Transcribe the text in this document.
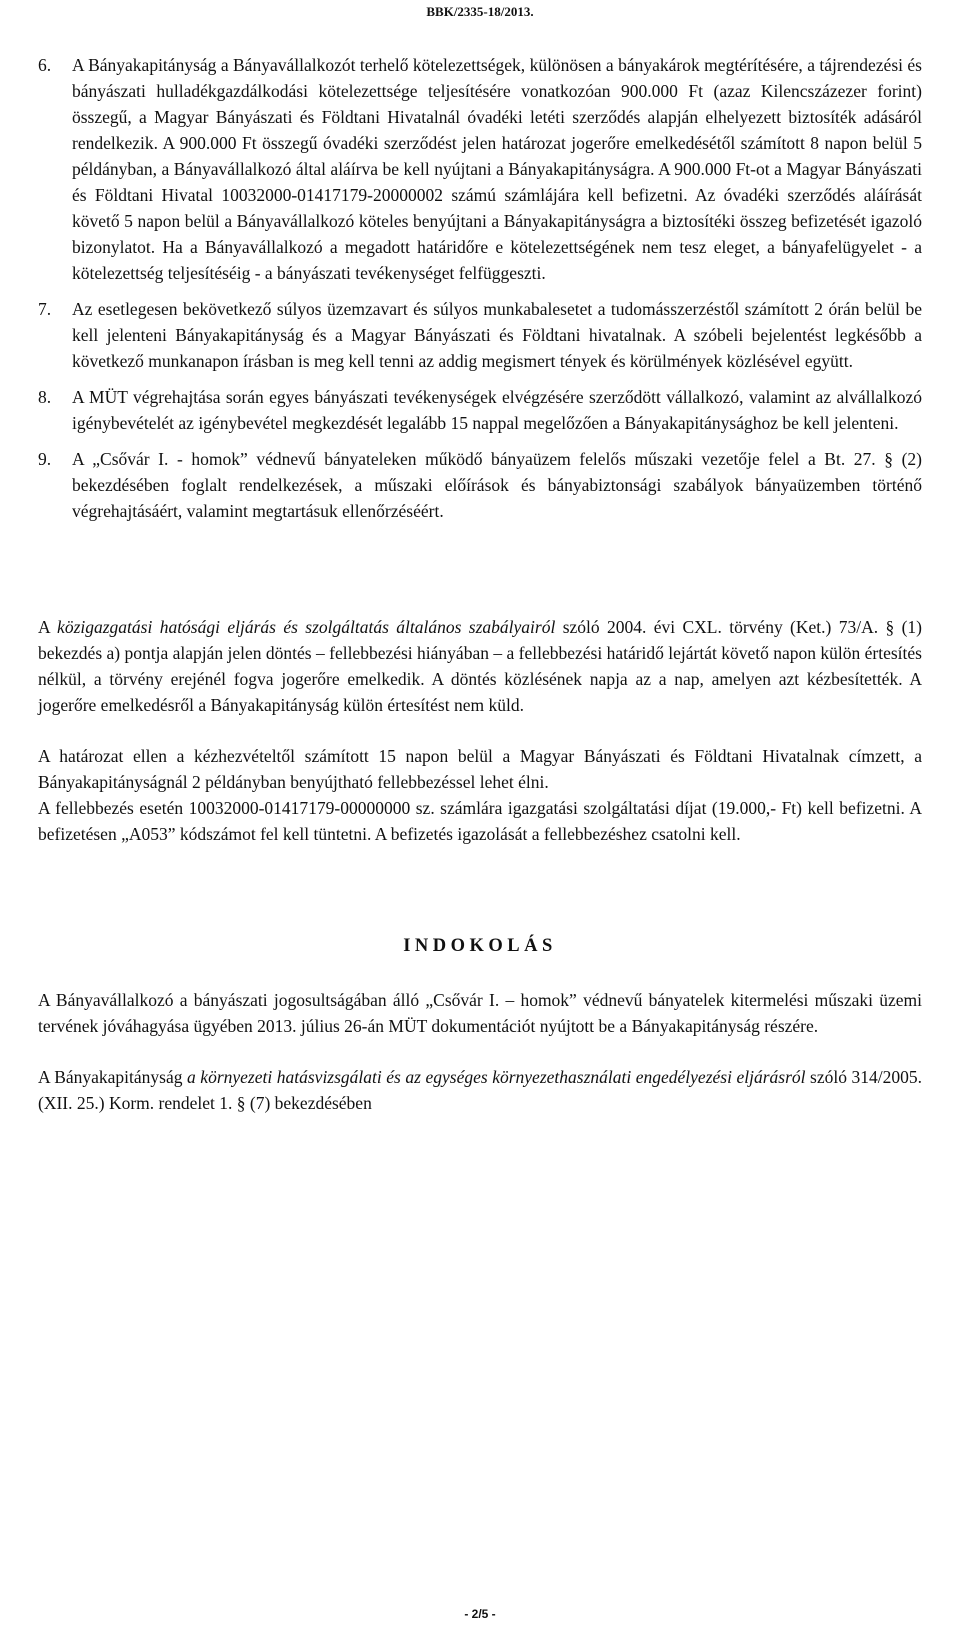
BBK/2335-18/2013.
6.	A Bányakapitányság a Bányavállalkozót terhelő kötelezettségek, különösen a bányakárok megtérítésére, a tájrendezési és bányászati hulladékgazdálkodási kötelezettsége teljesítésére vonatkozóan 900.000 Ft (azaz Kilencszázezer forint) összegű, a Magyar Bányászati és Földtani Hivatalnál óvadéki letéti szerződés alapján elhelyezett biztosíték adásáról rendelkezik. A 900.000 Ft összegű óvadéki szerződést jelen határozat jogerőre emelkedésétől számított 8 napon belül 5 példányban, a Bányavállalkozó által aláírva be kell nyújtani a Bányakapitányságra. A 900.000 Ft-ot a Magyar Bányászati és Földtani Hivatal 10032000-01417179-20000002 számú számlájára kell befizetni. Az óvadéki szerződés aláírását követő 5 napon belül a Bányavállalkozó köteles benyújtani a Bányakapitányságra a biztosítéki összeg befizetését igazoló bizonylatot. Ha a Bányavállalkozó a megadott határidőre e kötelezettségének nem tesz eleget, a bányafelügyelet - a kötelezettség teljesítéséig - a bányászati tevékenységet felfüggeszti.
7.	Az esetlegesen bekövetkező súlyos üzemzavart és súlyos munkabalesetet a tudomásszerzéstől számított 2 órán belül be kell jelenteni Bányakapitányság és a Magyar Bányászati és Földtani hivatalnak. A szóbeli bejelentést legkésőbb a következő munkanapon írásban is meg kell tenni az addig megismert tények és körülmények közlésével együtt.
8.	A MÜT végrehajtása során egyes bányászati tevékenységek elvégzésére szerződött vállalkozó, valamint az alvállalkozó igénybevételét az igénybevétel megkezdését legalább 15 nappal megelőzően a Bányakapitánysághoz be kell jelenteni.
9.	A „Csővár I. - homok” védnevű bányateleken működő bányaüzem felelős műszaki vezetője felel a Bt. 27. § (2) bekezdésében foglalt rendelkezések, a műszaki előírások és bányabiztonsági szabályok bányaüzemben történő végrehajtásáért, valamint megtartásuk ellenőrzéséért.

A közigazgatási hatósági eljárás és szolgáltatás általános szabályairól szóló 2004. évi CXL. törvény (Ket.) 73/A. § (1) bekezdés a) pontja alapján jelen döntés – fellebbezési hiányában – a fellebbezési határidő lejártát követő napon külön értesítés nélkül, a törvény erejénél fogva jogerőre emelkedik. A döntés közlésének napja az a nap, amelyen azt kézbesítették. A jogerőre emelkedésről a Bányakapitányság külön értesítést nem küld.

A határozat ellen a kézhezvételtől számított 15 napon belül a Magyar Bányászati és Földtani Hivatalnak címzett, a Bányakapitányságnál 2 példányban benyújtható fellebbezéssel lehet élni.

A fellebbezés esetén 10032000-01417179-00000000 sz. számlára igazgatási szolgáltatási díjat (19.000,- Ft) kell befizetni. A befizetésen „A053” kódszámot fel kell tüntetni. A befizetés igazolását a fellebbezéshez csatolni kell.

INDOKOLÁS

A Bányavállalkozó a bányászati jogosultságában álló „Csővár I. – homok” védnevű bányatelek kitermelési műszaki üzemi tervének jóváhagyása ügyében 2013. július 26-án MÜT dokumentációt nyújtott be a Bányakapitányság részére.

A Bányakapitányság a környezeti hatásvizsgálati és az egységes környezethasználati engedélyezési eljárásról szóló 314/2005. (XII. 25.) Korm. rendelet 1. § (7) bekezdésében

- 2/5 -
